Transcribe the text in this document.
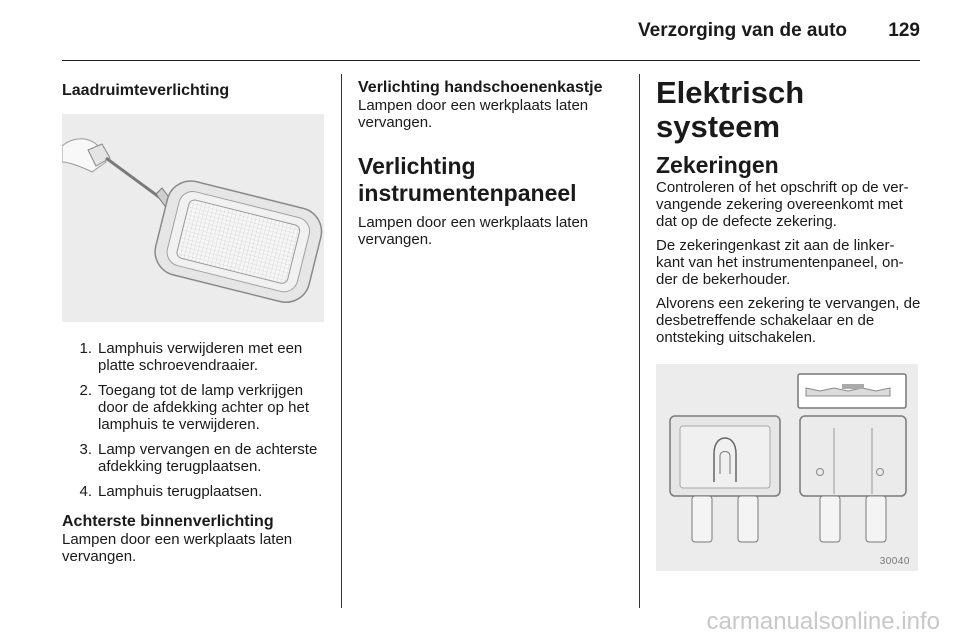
Verzorging van de auto 129
Laadruimteverlichting
1. Lamphuis verwijderen met een platte schroevendraaier.
2. Toegang tot de lamp verkrijgen door de afdekking achter op het lamphuis te verwijderen.
3. Lamp vervangen en de achterste afdekking terugplaatsen.
4. Lamphuis terugplaatsen.
Achterste binnenverlichting

Lampen door een werkplaats laten vervangen.

Verlichting handschoenenkastje

Lampen door een werkplaats laten vervangen.

Verlichting instrumentenpaneel

Lampen door een werkplaats laten vervangen.

Elektrisch systeem
Zekeringen

Controleren of het opschrift op de ver-vangende zekering overeenkomt met dat op de defecte zekering.

De zekeringenkast zit aan de linker-kant van het instrumentenpaneel, on-der de bekerhouder.

Alvorens een zekering te vervangen, de desbetreffende schakelaar en de ontsteking uitschakelen.

30040
carmanualsonline.info
